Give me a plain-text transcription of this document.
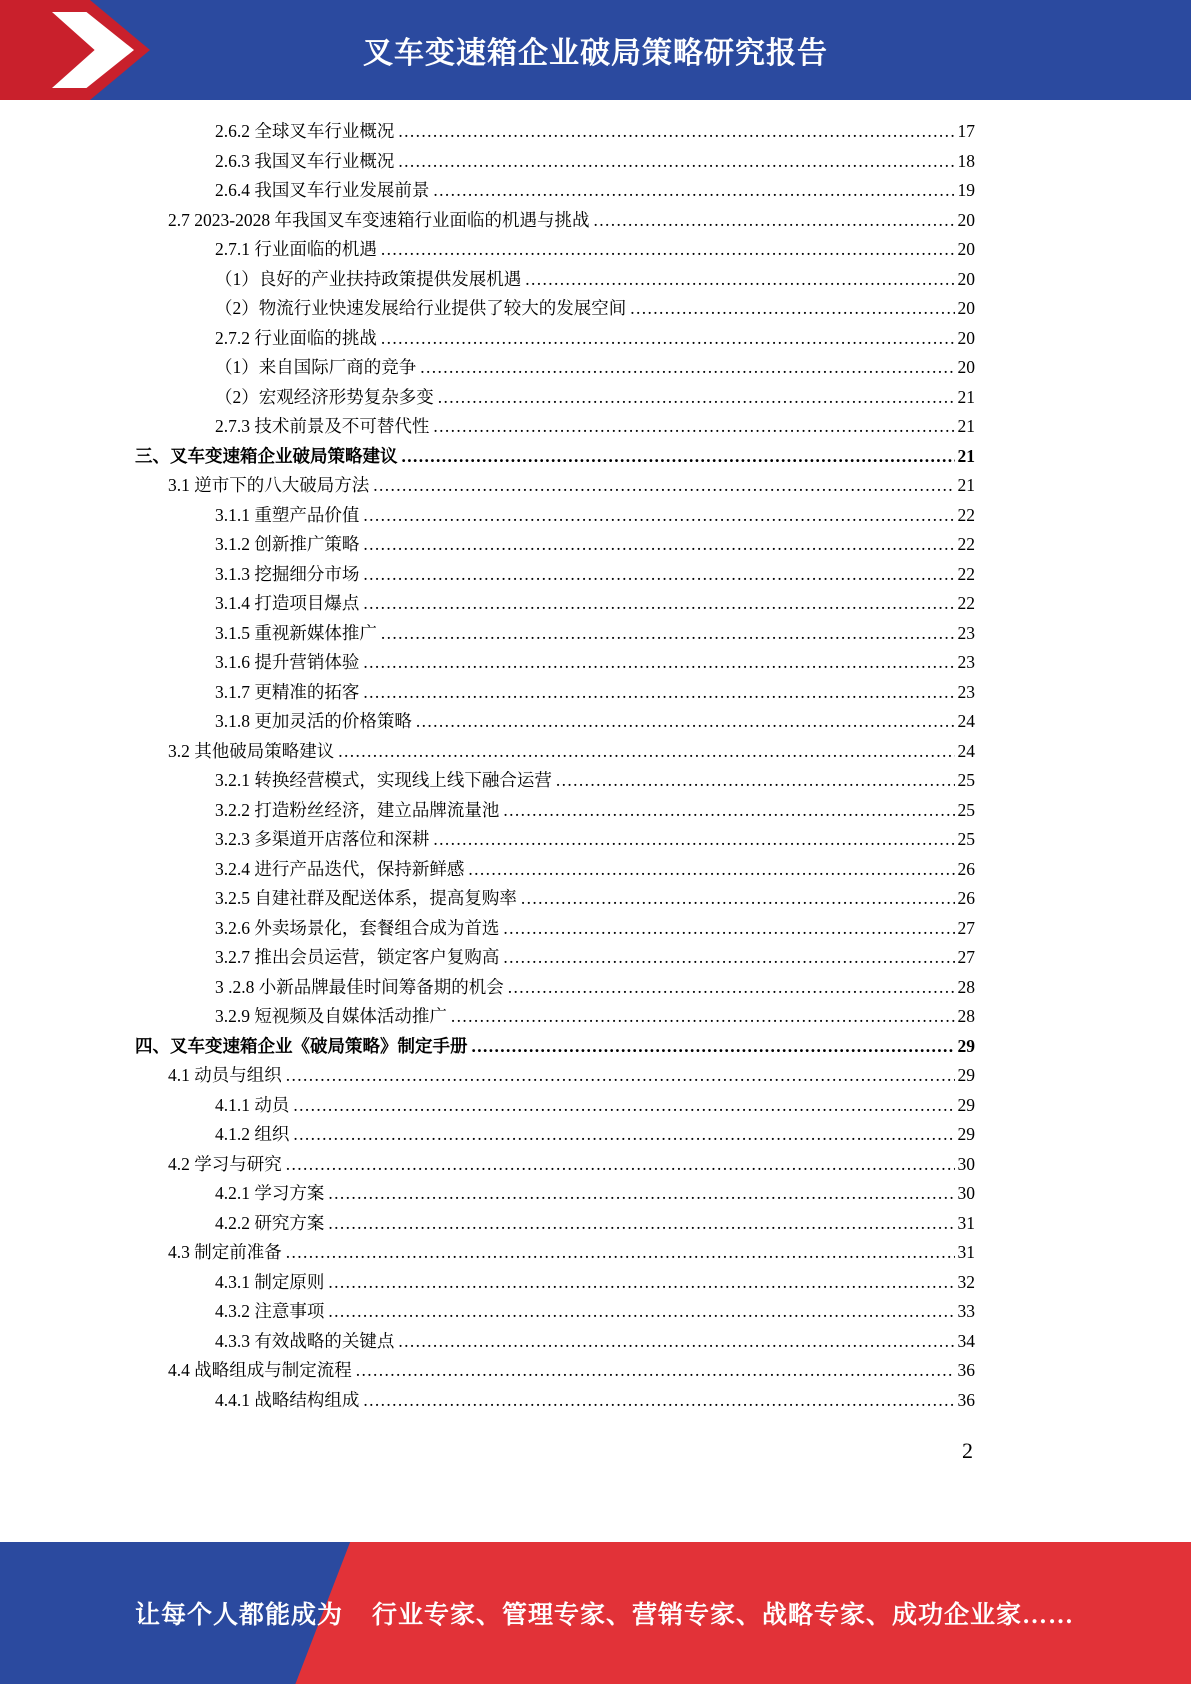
叉车变速箱企业破局策略研究报告
2.6.2 全球叉车行业概况 . . .	17
2.6.3 我国叉车行业概况 . . .	18
2.6.4 我国叉车行业发展前景 . . .	19
2.7 2023-2028 年我国叉车变速箱行业面临的机遇与挑战 . . .	20
2.7.1 行业面临的机遇 . . .	20
（1）良好的产业扶持政策提供发展机遇 . . .	20
（2）物流行业快速发展给行业提供了较大的发展空间 . . .	20
2.7.2 行业面临的挑战 . . .	20
（1）来自国际厂商的竞争 . . .	20
（2）宏观经济形势复杂多变 . . .	21
2.7.3 技术前景及不可替代性 . . .	21
三、叉车变速箱企业破局策略建议 . . .	21
3.1 逆市下的八大破局方法 . . .	21
3.1.1 重塑产品价值 . . .	22
3.1.2 创新推广策略 . . .	22
3.1.3 挖掘细分市场 . . .	22
3.1.4 打造项目爆点 . . .	22
3.1.5 重视新媒体推广 . . .	23
3.1.6 提升营销体验 . . .	23
3.1.7 更精准的拓客 . . .	23
3.1.8 更加灵活的价格策略 . . .	24
3.2 其他破局策略建议 . . .	24
3.2.1 转换经营模式，实现线上线下融合运营 . . .	25
3.2.2 打造粉丝经济，建立品牌流量池 . . .	25
3.2.3 多渠道开店落位和深耕 . . .	25
3.2.4 进行产品迭代，保持新鲜感 . . .	26
3.2.5 自建社群及配送体系，提高复购率 . . .	26
3.2.6 外卖场景化，套餐组合成为首选 . . .	27
3.2.7 推出会员运营，锁定客户复购高 . . .	27
3 .2.8 小新品牌最佳时间筹备期的机会 . . .	28
3.2.9 短视频及自媒体活动推广 . . .	28
四、叉车变速箱企业《破局策略》制定手册 . . .	29
4.1 动员与组织 . . .	29
4.1.1 动员 . . .	29
4.1.2 组织 . . .	29
4.2 学习与研究 . . .	30
4.2.1 学习方案 . . .	30
4.2.2 研究方案 . . .	31
4.3 制定前准备 . . .	31
4.3.1 制定原则 . . .	32
4.3.2 注意事项 . . .	33
4.3.3 有效战略的关键点 . . .	34
4.4 战略组成与制定流程 . . .	36
4.4.1 战略结构组成 . . .	36
2
让每个人都能成为 行业专家、管理专家、营销专家、战略专家、成功企业家……
